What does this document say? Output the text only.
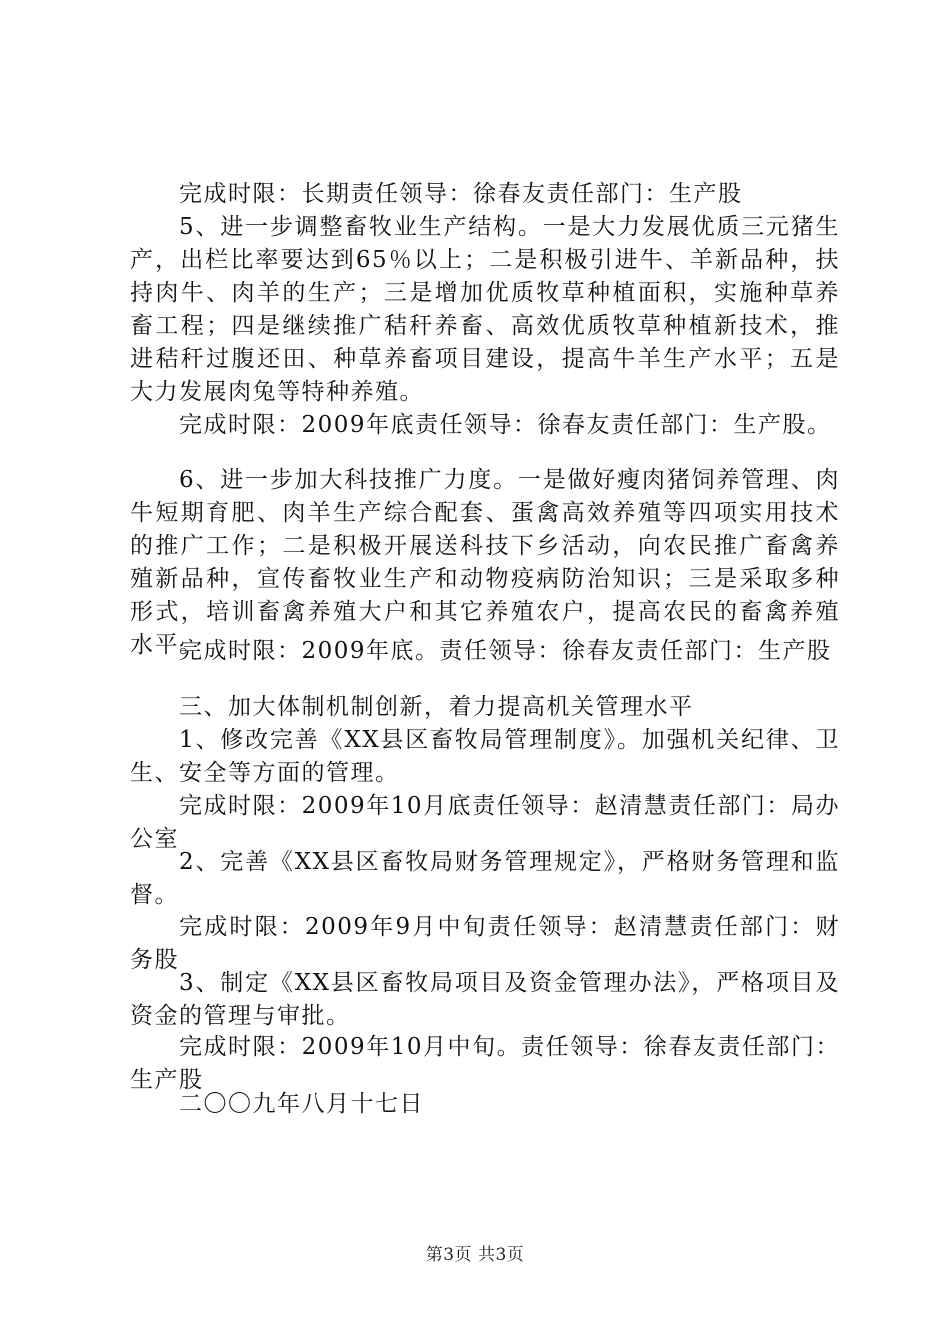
完成时限：长期责任领导：徐春友责任部门：生产股

5、进一步调整畜牧业生产结构。一是大力发展优质三元猪生产，出栏比率要达到65％以上；二是积极引进牛、羊新品种，扶持肉牛、肉羊的生产；三是增加优质牧草种植面积，实施种草养畜工程；四是继续推广秸秆养畜、高效优质牧草种植新技术，推进秸秆过腹还田、种草养畜项目建设，提高牛羊生产水平；五是大力发展肉兔等特种养殖。

完成时限：2009年底责任领导：徐春友责任部门：生产股。

6、进一步加大科技推广力度。一是做好瘦肉猪饲养管理、肉牛短期育肥、肉羊生产综合配套、蛋禽高效养殖等四项实用技术的推广工作；二是积极开展送科技下乡活动，向农民推广畜禽养殖新品种，宣传畜牧业生产和动物疫病防治知识；三是采取多种形式，培训畜禽养殖大户和其它养殖农户，提高农民的畜禽养殖水平。

完成时限：2009年底。责任领导：徐春友责任部门：生产股

三、加大体制机制创新，着力提高机关管理水平

1、修改完善《XX县区畜牧局管理制度》。加强机关纪律、卫生、安全等方面的管理。

完成时限：2009年10月底责任领导：赵清慧责任部门：局办公室

2、完善《XX县区畜牧局财务管理规定》，严格财务管理和监督。

完成时限：2009年9月中旬责任领导：赵清慧责任部门：财务股

3、制定《XX县区畜牧局项目及资金管理办法》，严格项目及资金的管理与审批。

完成时限：2009年10月中旬。责任领导：徐春友责任部门：生产股

二〇〇九年八月十七日

第3页 共3页
